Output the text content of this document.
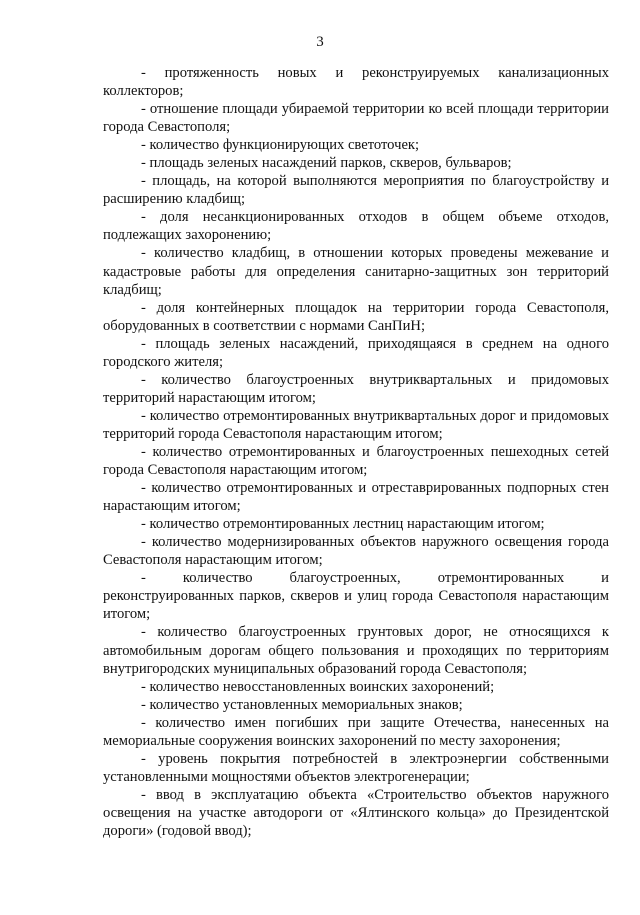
3

- протяженность новых и реконструируемых канализационных коллекторов;

- отношение площади убираемой территории ко всей площади территории города Севастополя;

- количество функционирующих светоточек;

- площадь зеленых насаждений парков, скверов, бульваров;

- площадь, на которой выполняются мероприятия по благоустройству и расширению кладбищ;

- доля несанкционированных отходов в общем объеме отходов, подлежащих захоронению;

- количество кладбищ, в отношении которых проведены межевание и кадастровые работы для определения санитарно-защитных зон территорий кладбищ;

- доля контейнерных площадок на территории города Севастополя, оборудованных в соответствии с нормами СанПиН;

- площадь зеленых насаждений, приходящаяся в среднем на одного городского жителя;

- количество благоустроенных внутриквартальных и придомовых территорий нарастающим итогом;

- количество отремонтированных внутриквартальных дорог и придомовых территорий города Севастополя нарастающим итогом;

- количество отремонтированных и благоустроенных пешеходных сетей города Севастополя нарастающим итогом;

- количество отремонтированных и отреставрированных подпорных стен нарастающим итогом;

- количество отремонтированных лестниц нарастающим итогом;

- количество модернизированных объектов наружного освещения города Севастополя нарастающим итогом;

- количество благоустроенных, отремонтированных и реконструированных парков, скверов и улиц города Севастополя нарастающим итогом;

- количество благоустроенных грунтовых дорог, не относящихся к автомобильным дорогам общего пользования и проходящих по территориям внутригородских муниципальных образований города Севастополя;

- количество невосстановленных воинских захоронений;

- количество установленных мемориальных знаков;

- количество имен погибших при защите Отечества, нанесенных на мемориальные сооружения воинских захоронений по месту захоронения;

- уровень покрытия потребностей в электроэнергии собственными установленными мощностями объектов электрогенерации;

- ввод в эксплуатацию объекта «Строительство объектов наружного освещения на участке автодороги от «Ялтинского кольца» до Президентской дороги» (годовой ввод);
